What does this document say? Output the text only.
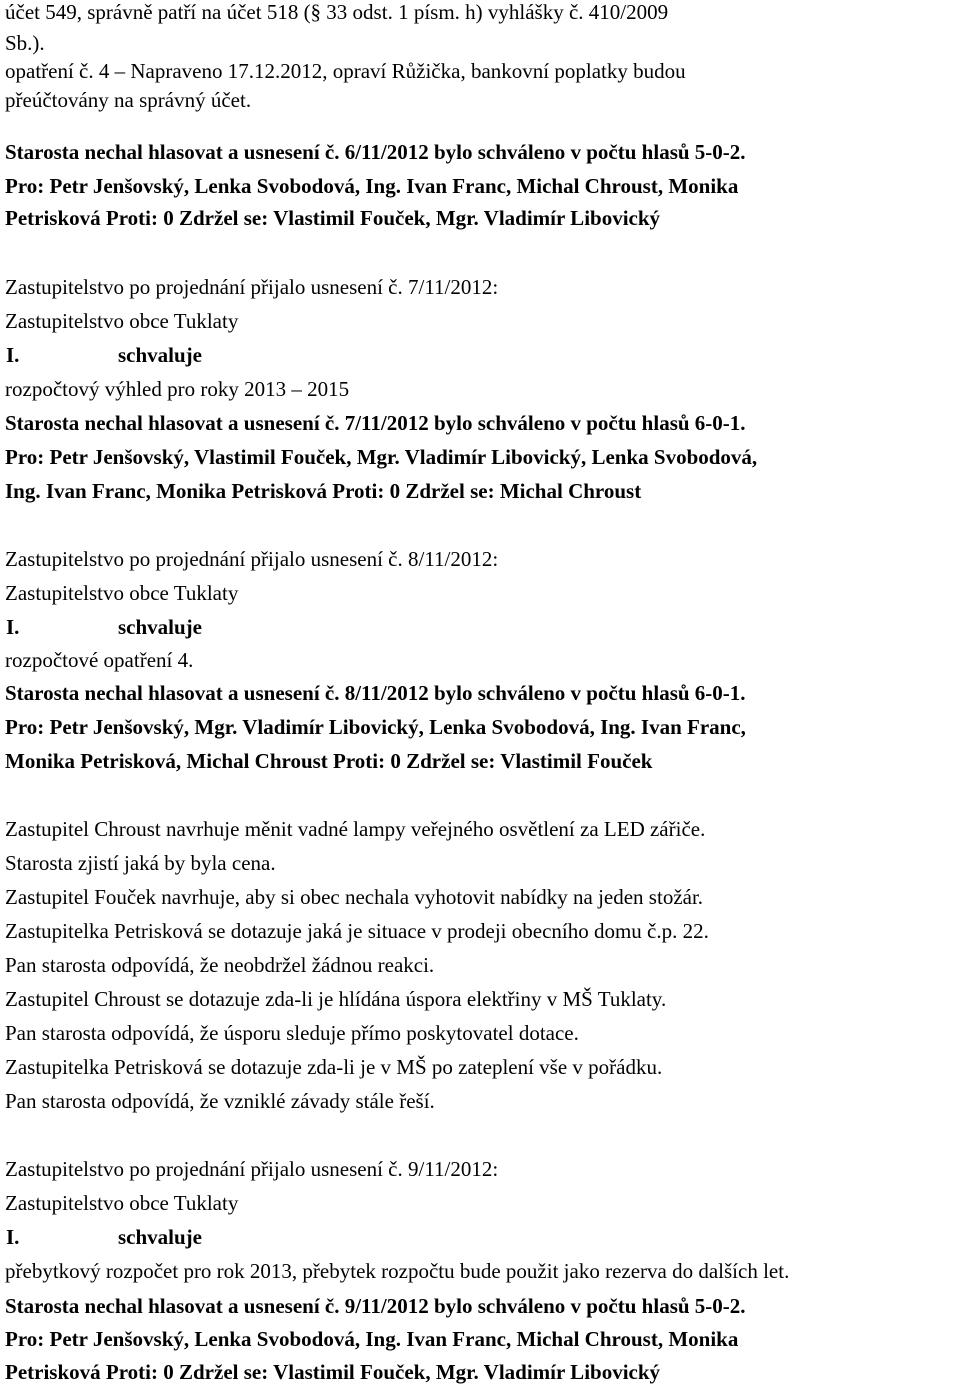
účet 549, správně patří na účet 518 (§ 33 odst. 1 písm. h) vyhlášky č. 410/2009
Sb.).
opatření č. 4 – Napraveno 17.12.2012, opraví Růžička, bankovní poplatky budou
přeúčtovány na správný účet.
Starosta nechal hlasovat a usnesení č. 6/11/2012 bylo schváleno v počtu hlasů 5-0-2.
Pro: Petr Jenšovský, Lenka Svobodová, Ing. Ivan Franc, Michal Chroust, Monika
Petrisková Proti: 0 Zdržel se: Vlastimil Fouček, Mgr. Vladimír Libovický
Zastupitelstvo po projednání přijalo usnesení č. 7/11/2012:
Zastupitelstvo obce Tuklaty
I.	schvaluje
rozpočtový výhled pro roky 2013 – 2015
Starosta nechal hlasovat a usnesení č. 7/11/2012 bylo schváleno v počtu hlasů 6-0-1.
Pro: Petr Jenšovský, Vlastimil Fouček, Mgr. Vladimír Libovický, Lenka Svobodová,
Ing. Ivan Franc, Monika Petrisková Proti: 0 Zdržel se: Michal Chroust
Zastupitelstvo po projednání přijalo usnesení č. 8/11/2012:
Zastupitelstvo obce Tuklaty
I.	schvaluje
rozpočtové opatření 4.
Starosta nechal hlasovat a usnesení č. 8/11/2012 bylo schváleno v počtu hlasů 6-0-1.
Pro: Petr Jenšovský, Mgr. Vladimír Libovický, Lenka Svobodová, Ing. Ivan Franc,
Monika Petrisková, Michal Chroust Proti: 0 Zdržel se: Vlastimil Fouček
Zastupitel Chroust navrhuje měnit vadné lampy veřejného osvětlení za LED zářiče.
Starosta zjistí jaká by byla cena.
Zastupitel Fouček navrhuje, aby si obec nechala vyhotovit nabídky na jeden stožár.
Zastupitelka Petrisková se dotazuje jaká je situace v prodeji obecního domu č.p. 22.
Pan starosta odpovídá, že neobdržel žádnou reakci.
Zastupitel Chroust se dotazuje zda-li je hlídána úspora elektřiny v MŠ Tuklaty.
Pan starosta odpovídá, že úsporu sleduje přímo poskytovatel dotace.
Zastupitelka Petrisková se dotazuje zda-li je v MŠ po zateplení vše v pořádku.
Pan starosta odpovídá, že vzniklé závady stále řeší.
Zastupitelstvo po projednání přijalo usnesení č. 9/11/2012:
Zastupitelstvo obce Tuklaty
I.	schvaluje
přebytkový rozpočet pro rok 2013, přebytek rozpočtu bude použit jako rezerva do dalších let.
Starosta nechal hlasovat a usnesení č. 9/11/2012 bylo schváleno v počtu hlasů 5-0-2.
Pro: Petr Jenšovský, Lenka Svobodová, Ing. Ivan Franc, Michal Chroust, Monika
Petrisková Proti: 0 Zdržel se: Vlastimil Fouček, Mgr. Vladimír Libovický
